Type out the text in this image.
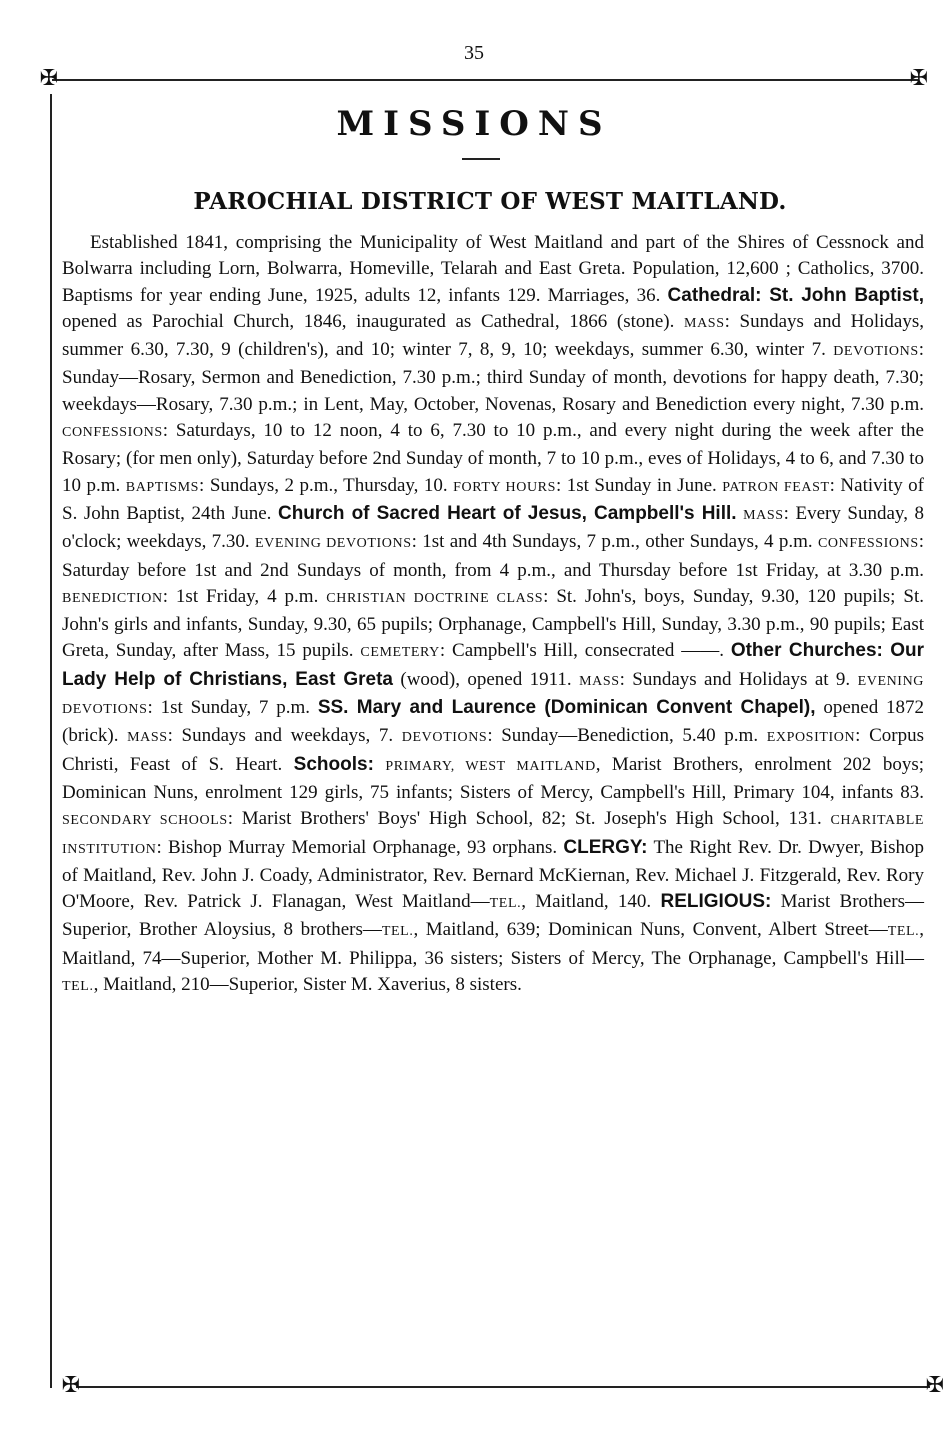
35
✠	✠
✠	✠
MISSIONS
PAROCHIAL DISTRICT OF WEST MAITLAND.

Established 1841, comprising the Municipality of West Maitland and part of the Shires of Cessnock and Bolwarra including Lorn, Bolwarra, Homeville, Telarah and East Greta. Population, 12,600 ; Catholics, 3700. Baptisms for year ending June, 1925, adults 12, infants 129. Marriages, 36. Cathedral: St. John Baptist, opened as Parochial Church, 1846, inaugurated as Cathedral, 1866 (stone). MASS: Sundays and Holidays, summer 6.30, 7.30, 9 (children's), and 10; winter 7, 8, 9, 10; weekdays, summer 6.30, winter 7. DEVOTIONS: Sunday—Rosary, Sermon and Benediction, 7.30 p.m.; third Sunday of month, devotions for happy death, 7.30; weekdays—Rosary, 7.30 p.m.; in Lent, May, October, Novenas, Rosary and Benediction every night, 7.30 p.m. CONFESSIONS: Saturdays, 10 to 12 noon, 4 to 6, 7.30 to 10 p.m., and every night during the week after the Rosary; (for men only), Saturday before 2nd Sunday of month, 7 to 10 p.m., eves of Holidays, 4 to 6, and 7.30 to 10 p.m. BAPTISMS: Sundays, 2 p.m., Thursday, 10. FORTY HOURS: 1st Sunday in June. PATRON FEAST: Nativity of S. John Baptist, 24th June. Church of Sacred Heart of Jesus, Campbell's Hill. MASS: Every Sunday, 8 o'clock; weekdays, 7.30. EVENING DEVOTIONS: 1st and 4th Sundays, 7 p.m., other Sundays, 4 p.m. CONFESSIONS: Saturday before 1st and 2nd Sundays of month, from 4 p.m., and Thursday before 1st Friday, at 3.30 p.m. BENEDICTION: 1st Friday, 4 p.m. CHRISTIAN DOCTRINE CLASS: St. John's, boys, Sunday, 9.30, 120 pupils; St. John's girls and infants, Sunday, 9.30, 65 pupils; Orphanage, Campbell's Hill, Sunday, 3.30 p.m., 90 pupils; East Greta, Sunday, after Mass, 15 pupils. CEMETERY: Campbell's Hill, consecrated ——. Other Churches: Our Lady Help of Christians, East Greta (wood), opened 1911. MASS: Sundays and Holidays at 9. EVENING DEVOTIONS: 1st Sunday, 7 p.m. SS. Mary and Laurence (Dominican Convent Chapel), opened 1872 (brick). MASS: Sundays and weekdays, 7. DEVOTIONS: Sunday—Benediction, 5.40 p.m. EXPOSITION: Corpus Christi, Feast of S. Heart. Schools: PRIMARY, WEST MAITLAND, Marist Brothers, enrolment 202 boys; Dominican Nuns, enrolment 129 girls, 75 infants; Sisters of Mercy, Campbell's Hill, Primary 104, infants 83. SECONDARY SCHOOLS: Marist Brothers' Boys' High School, 82; St. Joseph's High School, 131. CHARITABLE INSTITUTION: Bishop Murray Memorial Orphanage, 93 orphans. CLERGY: The Right Rev. Dr. Dwyer, Bishop of Maitland, Rev. John J. Coady, Administrator, Rev. Bernard McKiernan, Rev. Michael J. Fitzgerald, Rev. Rory O'Moore, Rev. Patrick J. Flanagan, West Maitland—TEL., Maitland, 140. RELIGIOUS: Marist Brothers—Superior, Brother Aloysius, 8 brothers—TEL., Maitland, 639; Dominican Nuns, Convent, Albert Street—TEL., Maitland, 74—Superior, Mother M. Philippa, 36 sisters; Sisters of Mercy, The Orphanage, Campbell's Hill—TEL., Maitland, 210—Superior, Sister M. Xaverius, 8 sisters.
